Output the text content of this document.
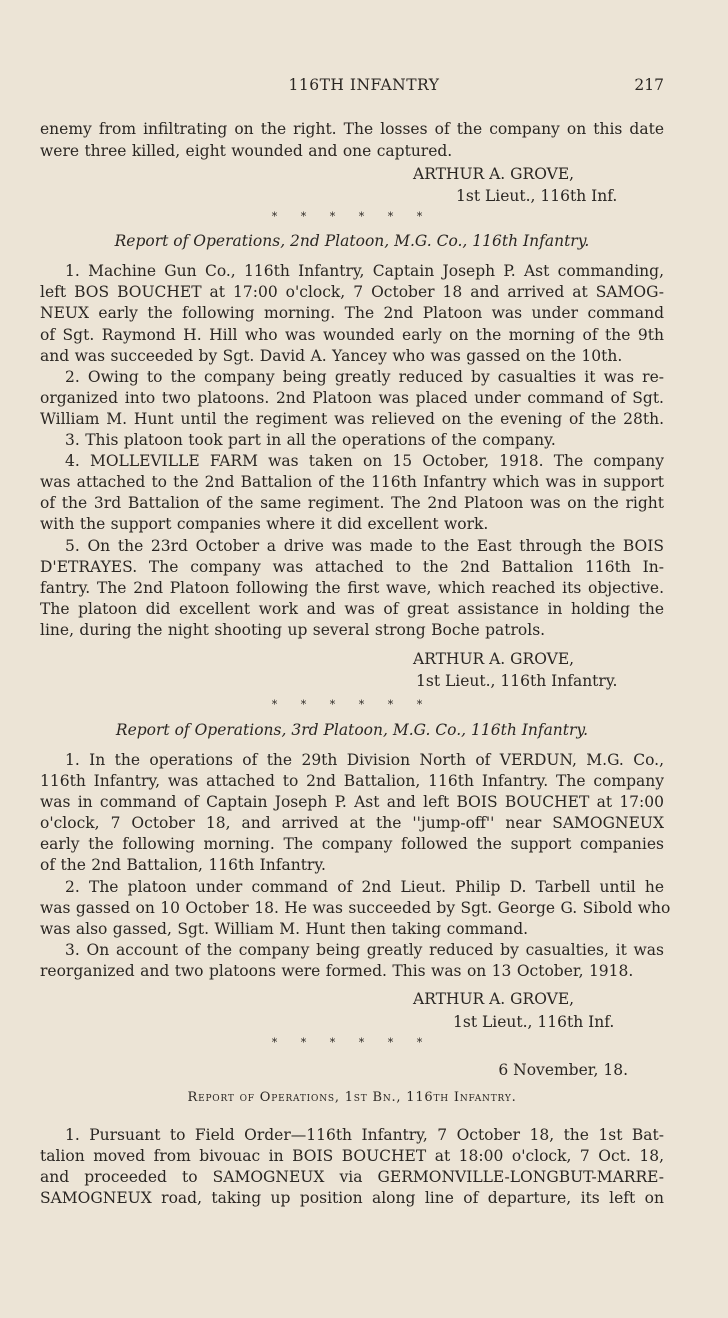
116TH INFANTRY	217
enemy from infiltrating on the right. The losses of the company on this date
were three killed, eight wounded and one captured.
ARTHUR A. GROVE,
1st Lieut., 116th Inf.
* * * * * *
Report of Operations, 2nd Platoon, M.G. Co., 116th Infantry.
1. Machine Gun Co., 116th Infantry, Captain Joseph P. Ast commanding,
left BOS BOUCHET at 17:00 o'clock, 7 October 18 and arrived at SAMOG-
NEUX early the following morning. The 2nd Platoon was under command
of Sgt. Raymond H. Hill who was wounded early on the morning of the 9th
and was succeeded by Sgt. David A. Yancey who was gassed on the 10th.
2. Owing to the company being greatly reduced by casualties it was re-
organized into two platoons. 2nd Platoon was placed under command of Sgt.
William M. Hunt until the regiment was relieved on the evening of the 28th.
3. This platoon took part in all the operations of the company.
4. MOLLEVILLE FARM was taken on 15 October, 1918. The company
was attached to the 2nd Battalion of the 116th Infantry which was in support
of the 3rd Battalion of the same regiment. The 2nd Platoon was on the right
with the support companies where it did excellent work.
5. On the 23rd October a drive was made to the East through the BOIS
D'ETRAYES. The company was attached to the 2nd Battalion 116th In-
fantry. The 2nd Platoon following the first wave, which reached its objective.
The platoon did excellent work and was of great assistance in holding the
line, during the night shooting up several strong Boche patrols.
ARTHUR A. GROVE,
1st Lieut., 116th Infantry.
* * * * * *
Report of Operations, 3rd Platoon, M.G. Co., 116th Infantry.
1. In the operations of the 29th Division North of VERDUN, M.G. Co.,
116th Infantry, was attached to 2nd Battalion, 116th Infantry. The company
was in command of Captain Joseph P. Ast and left BOIS BOUCHET at 17:00
o'clock, 7 October 18, and arrived at the ''jump-off'' near SAMOGNEUX
early the following morning. The company followed the support companies
of the 2nd Battalion, 116th Infantry.
2. The platoon under command of 2nd Lieut. Philip D. Tarbell until he
was gassed on 10 October 18. He was succeeded by Sgt. George G. Sibold who
was also gassed, Sgt. William M. Hunt then taking command.
3. On account of the company being greatly reduced by casualties, it was
reorganized and two platoons were formed. This was on 13 October, 1918.
ARTHUR A. GROVE,
1st Lieut., 116th Inf.
* * * * * *
6 November, 18.
Report of Operations, 1st Bn., 116th Infantry.
1. Pursuant to Field Order—116th Infantry, 7 October 18, the 1st Bat-
talion moved from bivouac in BOIS BOUCHET at 18:00 o'clock, 7 Oct. 18,
and proceeded to SAMOGNEUX via GERMONVILLE-LONGBUT-MARRE-
SAMOGNEUX road, taking up position along line of departure, its left on
